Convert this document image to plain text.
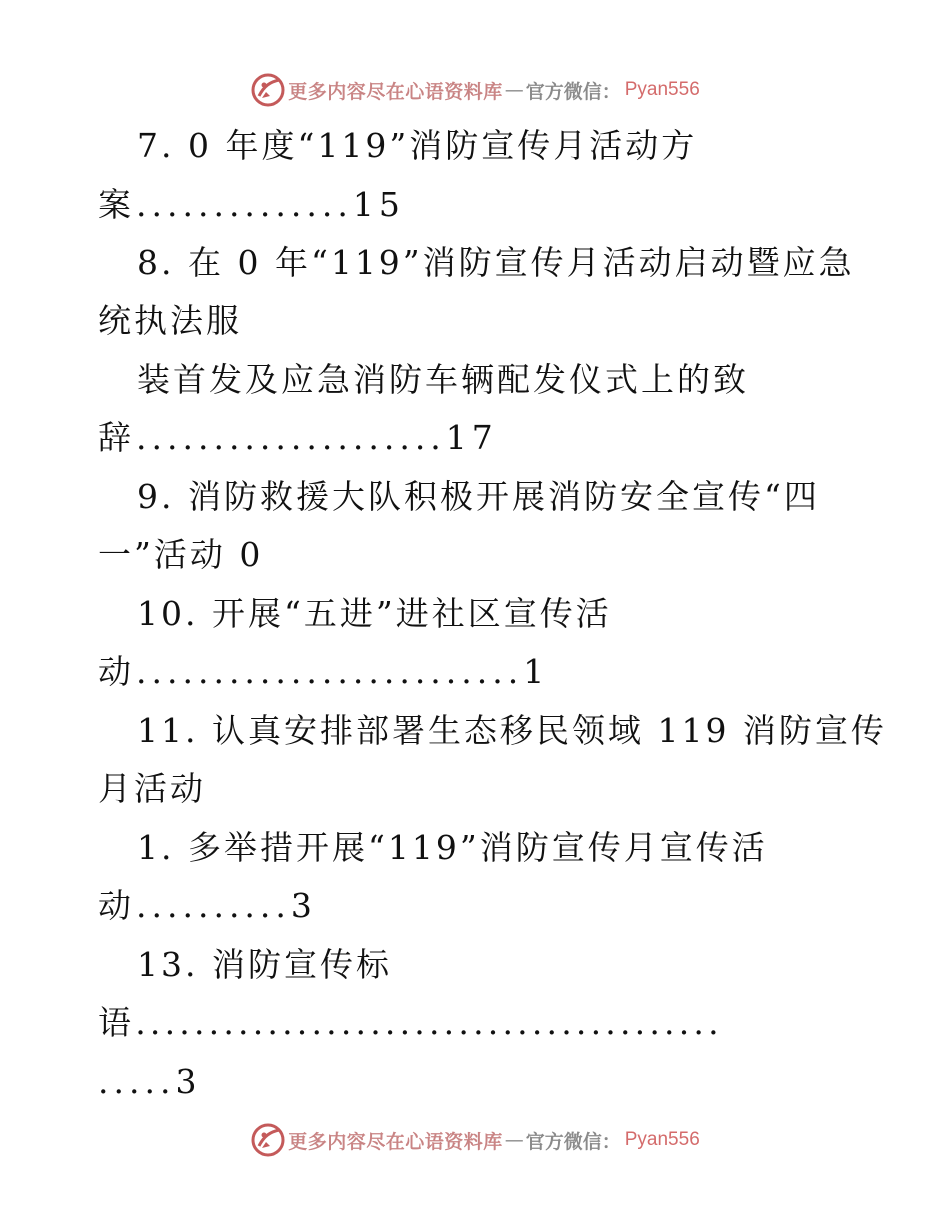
更多内容尽在心语资料库 — 官方微信： Pyan556
7. 0 年度“119”消防宣传月活动方
案..............15
8. 在 0 年“119”消防宣传月活动启动暨应急
统执法服
装首发及应急消防车辆配发仪式上的致
辞....................17
9. 消防救援大队积极开展消防安全宣传“四
一”活动 0
10. 开展“五进”进社区宣传活
动.........................1
11. 认真安排部署生态移民领域 119 消防宣传
月活动
1. 多举措开展“119”消防宣传月宣传活
动..........3
13. 消防宣传标
语........................................
.....3
更多内容尽在心语资料库 — 官方微信： Pyan556
